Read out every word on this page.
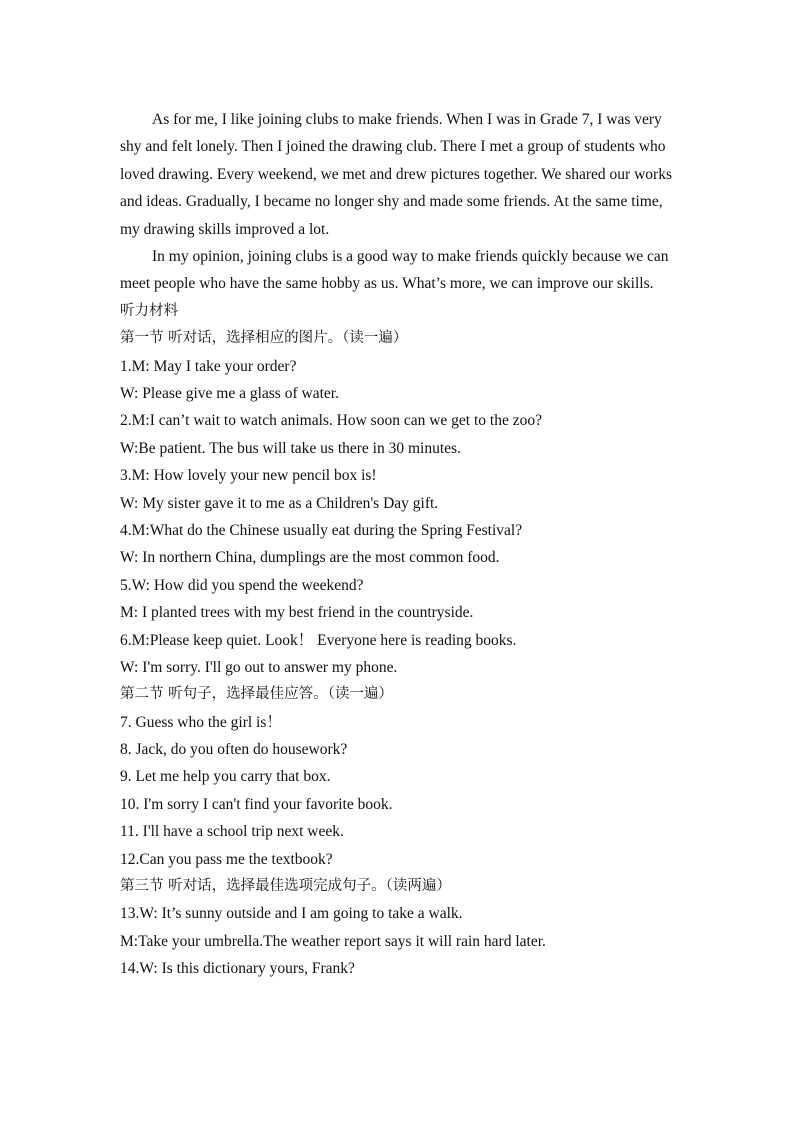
As for me, I like joining clubs to make friends. When I was in Grade 7, I was very shy and felt lonely. Then I joined the drawing club. There I met a group of students who loved drawing. Every weekend, we met and drew pictures together. We shared our works and ideas. Gradually, I became no longer shy and made some friends. At the same time, my drawing skills improved a lot.

In my opinion, joining clubs is a good way to make friends quickly because we can meet people who have the same hobby as us. What’s more, we can improve our skills.

听力材料

第一节 听对话，选择相应的图片。（读一遍）

1.M: May I take your order?

W: Please give me a glass of water.

2.M:I can’t wait to watch animals. How soon can we get to the zoo?

W:Be patient. The bus will take us there in 30 minutes.

3.M: How lovely your new pencil box is!

W: My sister gave it to me as a Children's Day gift.

4.M:What do the Chinese usually eat during the Spring Festival?

W: In northern China, dumplings are the most common food.

5.W: How did you spend the weekend?

M: I planted trees with my best friend in the countryside.

6.M:Please keep quiet. Look！ Everyone here is reading books.

W: I'm sorry. I'll go out to answer my phone.

第二节 听句子，选择最佳应答。（读一遍）

7. Guess who the girl is！

8. Jack, do you often do housework?

9. Let me help you carry that box.

10. I'm sorry I can't find your favorite book.

11. I'll have a school trip next week.

12.Can you pass me the textbook?

第三节 听对话，选择最佳选项完成句子。（读两遍）

13.W: It’s sunny outside and I am going to take a walk.

M:Take your umbrella.The weather report says it will rain hard later.

14.W: Is this dictionary yours, Frank?
